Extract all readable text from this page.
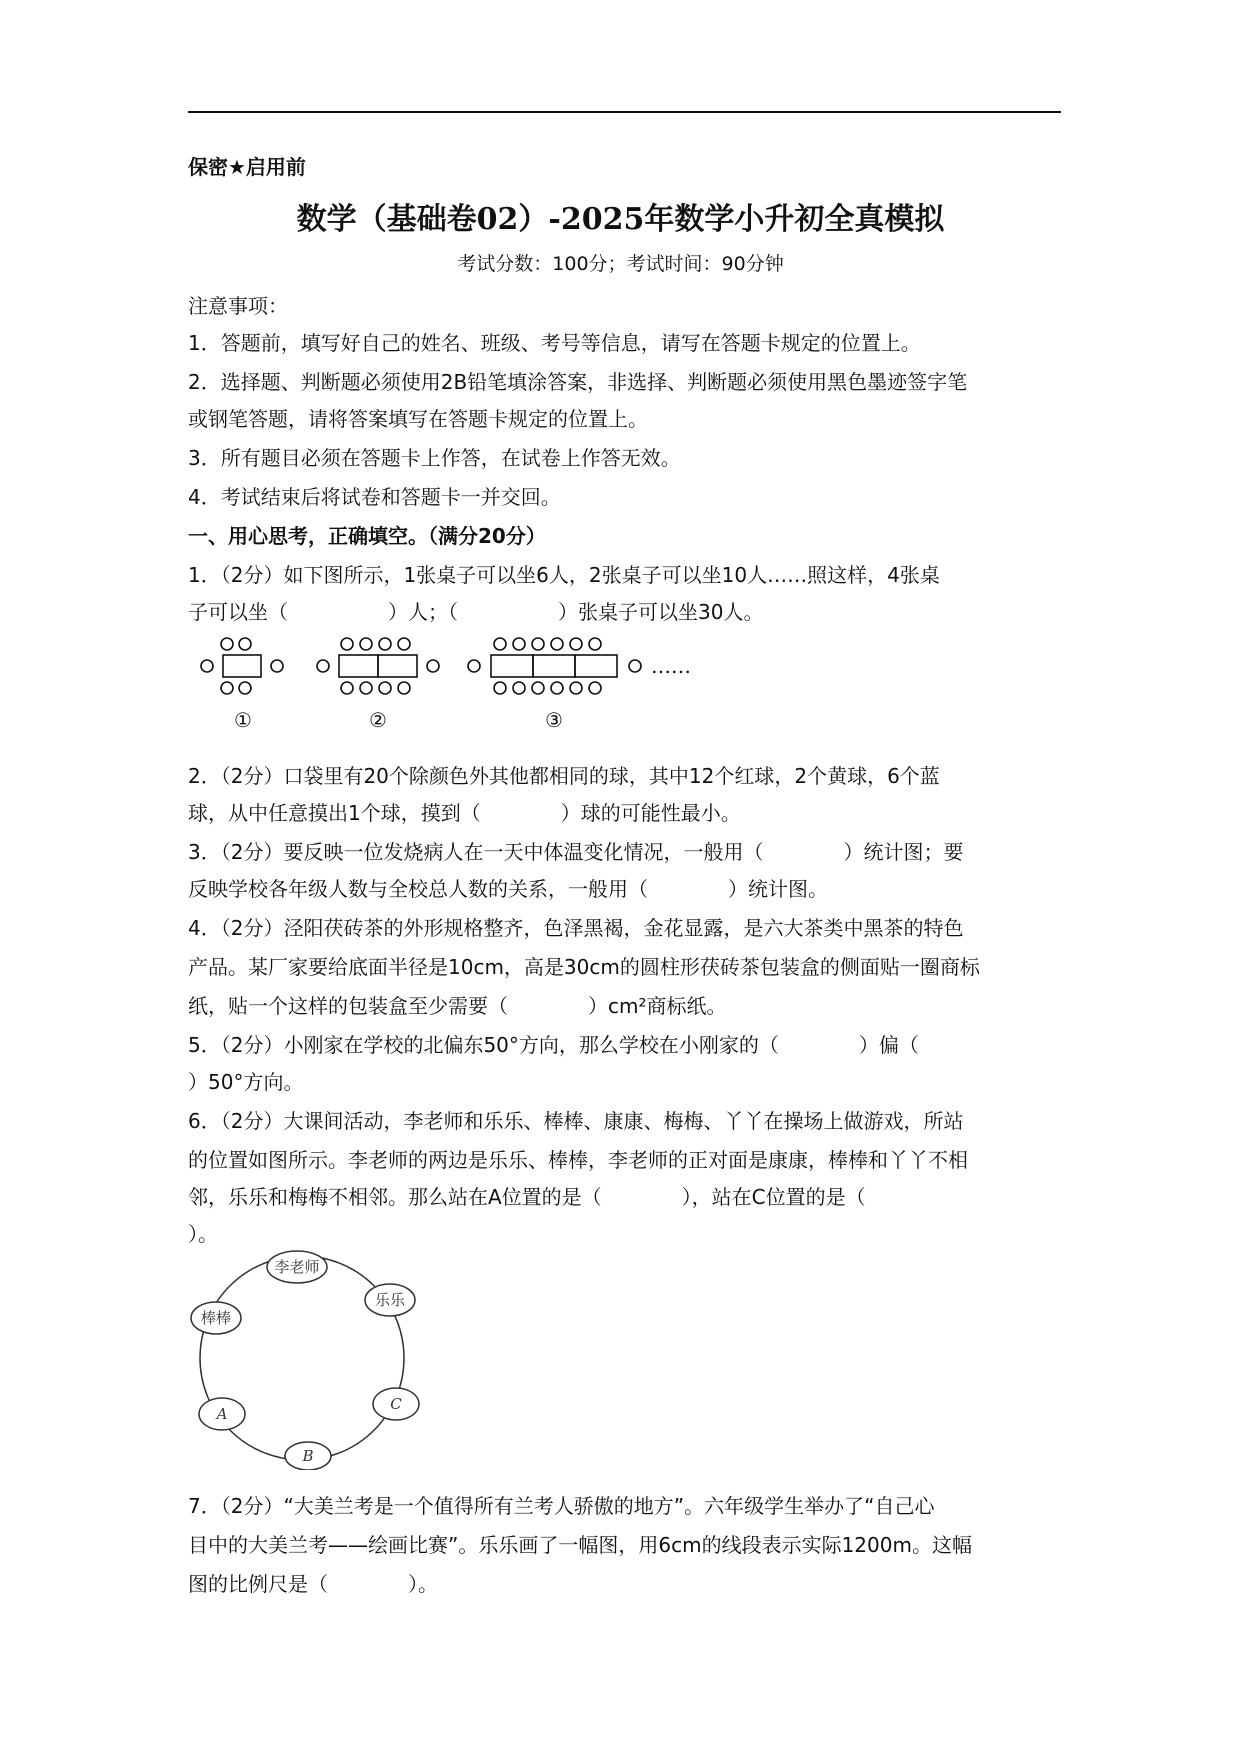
保密★启用前
数学（基础卷02）-2025年数学小升初全真模拟
考试分数：100分；考试时间：90分钟
注意事项：
1．答题前，填写好自己的姓名、班级、考号等信息，请写在答题卡规定的位置上。
2．选择题、判断题必须使用2B铅笔填涂答案，非选择、判断题必须使用黑色墨迹签字笔
或钢笔答题，请将答案填写在答题卡规定的位置上。
3．所有题目必须在答题卡上作答，在试卷上作答无效。
4．考试结束后将试卷和答题卡一并交回。
一、用心思考，正确填空。（满分20分）
1．（2分）如下图所示，1张桌子可以坐6人，2张桌子可以坐10人……照这样，4张桌
子可以坐（　　　　　）人；（　　　　　）张桌子可以坐30人。
……
①	②	③
2．（2分）口袋里有20个除颜色外其他都相同的球，其中12个红球，2个黄球，6个蓝
球，从中任意摸出1个球，摸到（　　　　）球的可能性最小。
3．（2分）要反映一位发烧病人在一天中体温变化情况，一般用（　　　　）统计图；要
反映学校各年级人数与全校总人数的关系，一般用（　　　　）统计图。
4．（2分）泾阳茯砖茶的外形规格整齐，色泽黑褐，金花显露，是六大茶类中黑茶的特色
产品。某厂家要给底面半径是10cm，高是30cm的圆柱形茯砖茶包装盒的侧面贴一圈商标
纸，贴一个这样的包装盒至少需要（　　　　）cm²商标纸。
5．（2分）小刚家在学校的北偏东50°方向，那么学校在小刚家的（　　　　）偏（
）50°方向。
6．（2分）大课间活动，李老师和乐乐、棒棒、康康、梅梅、丫丫在操场上做游戏，所站
的位置如图所示。李老师的两边是乐乐、棒棒，李老师的正对面是康康，棒棒和丫丫不相
邻，乐乐和梅梅不相邻。那么站在A位置的是（　　　　），站在C位置的是（
）。
李老师
乐乐
棒棒
C
A
B
7．（2分）“大美兰考是一个值得所有兰考人骄傲的地方”。六年级学生举办了“自己心
目中的大美兰考——绘画比赛”。乐乐画了一幅图，用6cm的线段表示实际1200m。这幅
图的比例尺是（　　　　）。
